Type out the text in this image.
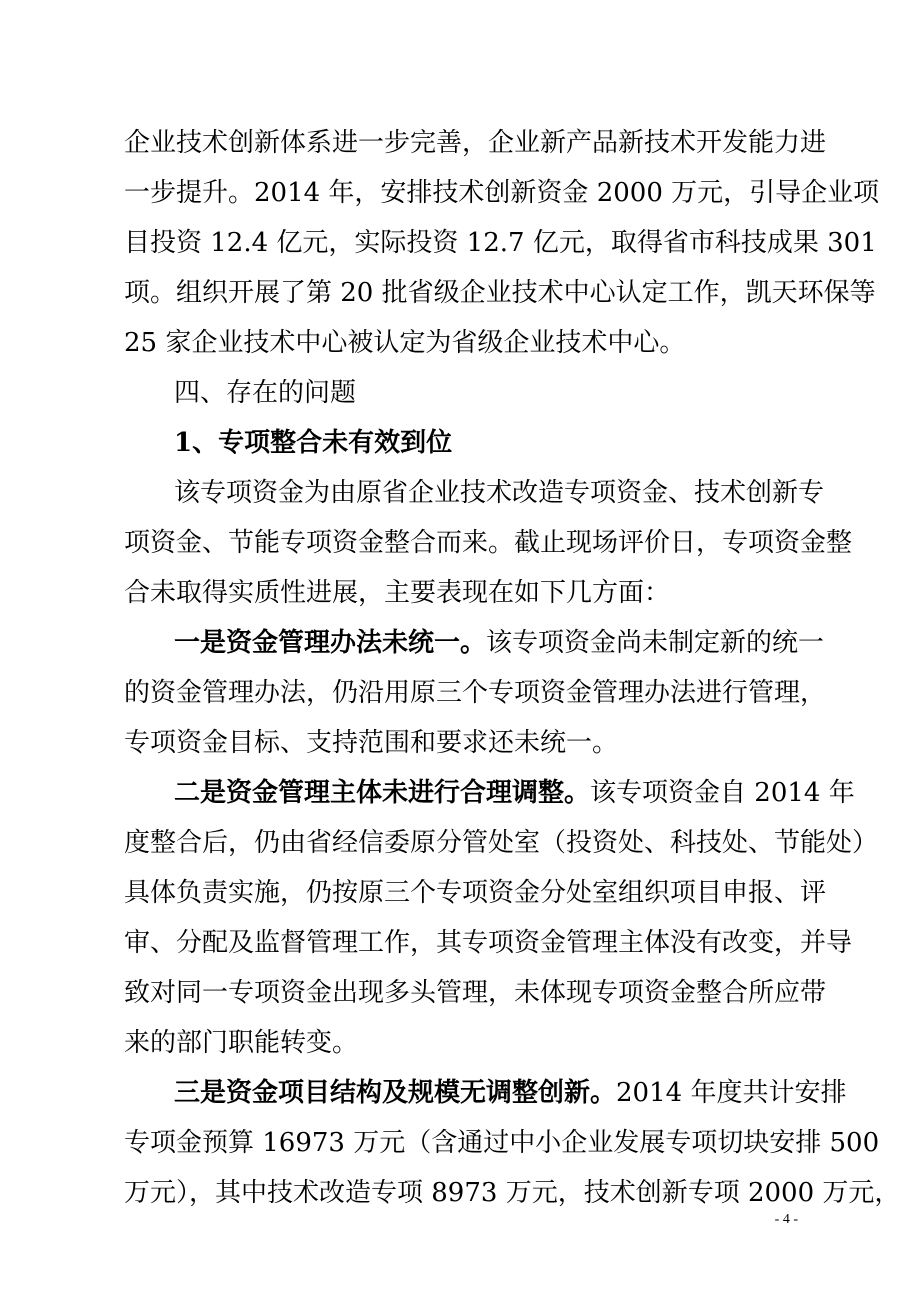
企业技术创新体系进一步完善，企业新产品新技术开发能力进
一步提升。2014 年，安排技术创新资金 2000 万元，引导企业项
目投资 12.4 亿元，实际投资 12.7 亿元，取得省市科技成果 301
项。组织开展了第 20 批省级企业技术中心认定工作，凯天环保等
25 家企业技术中心被认定为省级企业技术中心。
四、存在的问题
1、专项整合未有效到位
该专项资金为由原省企业技术改造专项资金、技术创新专
项资金、节能专项资金整合而来。截止现场评价日，专项资金整
合未取得实质性进展，主要表现在如下几方面：
一是资金管理办法未统一。该专项资金尚未制定新的统一
的资金管理办法，仍沿用原三个专项资金管理办法进行管理，
专项资金目标、支持范围和要求还未统一。
二是资金管理主体未进行合理调整。该专项资金自 2014 年
度整合后，仍由省经信委原分管处室（投资处、科技处、节能处）
具体负责实施，仍按原三个专项资金分处室组织项目申报、评
审、分配及监督管理工作，其专项资金管理主体没有改变，并导
致对同一专项资金出现多头管理，未体现专项资金整合所应带
来的部门职能转变。
三是资金项目结构及规模无调整创新。2014 年度共计安排
专项金预算 16973 万元（含通过中小企业发展专项切块安排 500
万元），其中技术改造专项 8973 万元，技术创新专项 2000 万元，
- 4 -
